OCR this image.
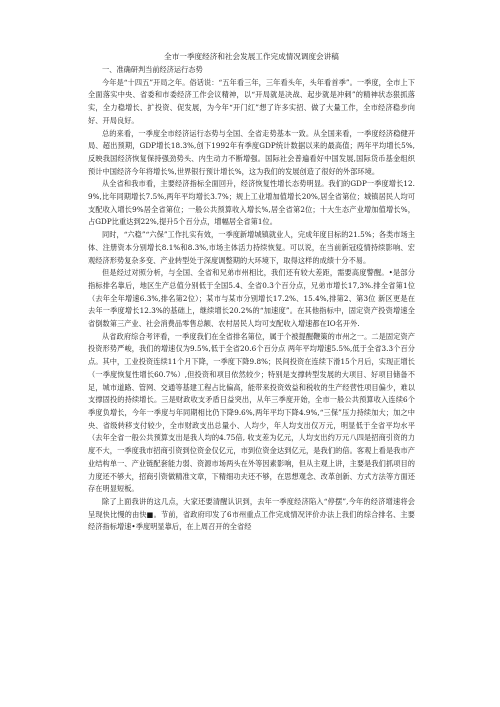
全市一季度经济和社会发展工作完成情况调度会讲稿
一、准确研判当前经济运行态势

今年是“十四五”开局之年。俗话说：“五年看三年，三年看头年，头年看首季”。一季度，全市上下全面落实中央、省委和市委经济工作会议精神，以“开局就是决战、起步就是冲刺”的精神状态狠抓落实，全力稳增长、扩投资、促发展，为今年“开门红”想了许多实招、做了大量工作，全市经济稳步向好、开局良好。

总的来看，一季度全市经济运行态势与全国、全省走势基本一致。从全国来看，一季度经济稳健开局、超出预期，GDP增长18.3%,创下1992年有季度GDP统计数据以来的最高值；两年平均增长5%,反映我国经济恢复保持强劲势头、内生动力不断增强。国际社会普遍看好中国发展,国际货币基金组织预计中国经济今年将增长%,世界银行预计增长%，这为我们的发展创造了很好的外部环境。

从全省和我市看，主要经济指标全面回升，经济恢复性增长态势明显。我们的GDP一季度增长12.9%,比年同期增长7.5%,两年平均增长3.7%；规上工业增加值增长20%,居全省第位；城镇居民人均可支配收入增长9%居全省第位；一般公共预算收入增长%,居全省第2位；十大生态产业增加值增长%，占GDP比重达到22%,提升5个百分点，增幅居全省第1位。

同时，“六稳”“六保”工作扎实有效，一季度新增城镇就业人，完成年度目标的21.5%；各类市场主体、注册资本分别增长8.1%和8.3%,市场主体活力持续恢复。可以说，在当前新冠疫情持续影响、宏观经济形势复杂多变、产业转型处于深度调整期的大环境下，取得这样的成绩十分不易。

但是经过对照分析，与全国、全省和兄弟市州相比，我们还有较大差距，需要高度警醒。•是部分指标排名靠后，地区生产总值分别低于全国5.4、全省0.3个百分点，兄弟市增长17,3%.排全省第1位（去年全年增速6.3%,排名第2位）；某市与某市分别增长17.2%、15.4%,排第2、第3位 新区更是在去年一季度增长12.3%的基础上，继续增长20.2%的“加速度”。在其他指标中，固定资产投资增速全省倒数第三产业、社会消费品零售总额、农村居民人均可支配收入增速都在IO名开外.

从省政府综合考评看，一季度我们在全省排名第位，属于个被提醒鞭策的市州之一。二是固定资产投资形势严峻，我们的增速仅为9.5%,低于全省20.6个百分点 两年平均增速5.5%,低于全省3.3个百分点。其中，工业投资连续11个月下降，一季度下降9.8%；民间投资在连续下滑15个月后，实现正增长（一季度恢复性增长60.7%）,但投资和项目依然较少；特别是支撑转型发展的大项目、好项目储备不足，城市道路、管网、交通等基建工程占比偏高，能带来投资效益和税收的生产经营性项目偏少，难以支撑固投的持续增长。三是财政收支矛盾日益突出，从年三季度开始，全市一般公共预算收入连续6个季度负增长，今年一季度与年同期相比仍下降9.6%,两年平均下降4.9%,“三保”压力持续加大；加之中央、省级转移支付较少，全市财政支出总量小、人均少，年人均支出仅万元，明显低于全省平均水平（去年全省一般公共预算支出是我人均的4.75倍, 收支差为亿元，人均支出约万元八四是招商引资的力度不大，一季度我市招商引资到位资金仅亿元，市到位资金达到亿元，是我们的倍。客观上看是我市产业结构单一、产业链配套能力弱、资源市场两头在外等因素影响，但从主观上讲，主要是我们抓项目的力度还不够大，招商引资做精准文章，下精细功夫还不够，在思想观念、改革创新、方式方法等方面还存在明显短板。

除了上面我讲的这几点，大家还要清醒认识到，去年一季度经济陷入“停摆”,今年的经济增速将会呈现快比慢的由快■。节前，省政府印发了6市州重点工作完成情况评价办法上我们的综合排名、主要经济指标增速•季度明显靠后，在上周召开的全省经
